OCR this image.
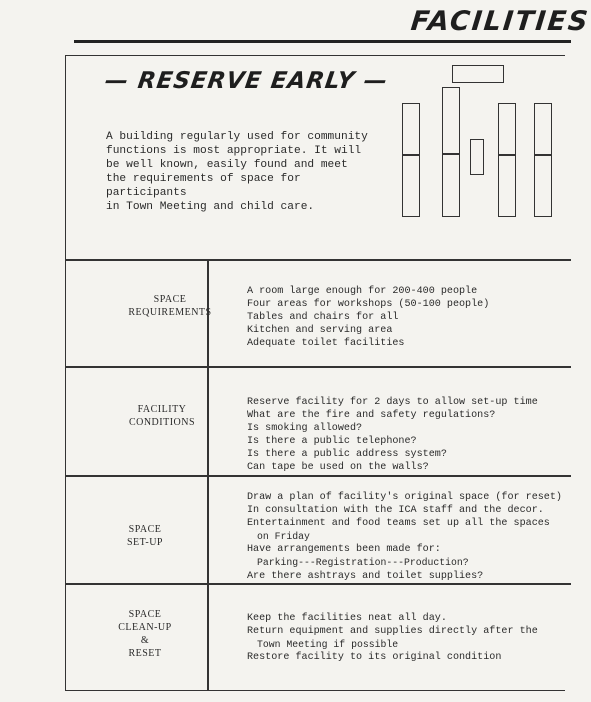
FACILITIES
— RESERVE EARLY —
A building regularly used for community
functions is most appropriate. It will
be well known, easily found and meet
the requirements of space for participants
in Town Meeting and child care.
SPACE
REQUIREMENTS
A room large enough for 200-400 people
Four areas for workshops (50-100 people)
Tables and chairs for all
Kitchen and serving area
Adequate toilet facilities
FACILITY
CONDITIONS
Reserve facility for 2 days to allow set-up time
What are the fire and safety regulations?
Is smoking allowed?
Is there a public telephone?
Is there a public address system?
Can tape be used on the walls?
SPACE
SET-UP
Draw a plan of facility's original space (for reset)
In consultation with the ICA staff and the decor.
Entertainment and food teams set up all the spaces
on Friday
Have arrangements been made for:
Parking---Registration---Production?
Are there ashtrays and toilet supplies?
SPACE
CLEAN-UP
&
RESET
Keep the facilities neat all day.
Return equipment and supplies directly after the
Town Meeting if possible
Restore facility to its original condition
